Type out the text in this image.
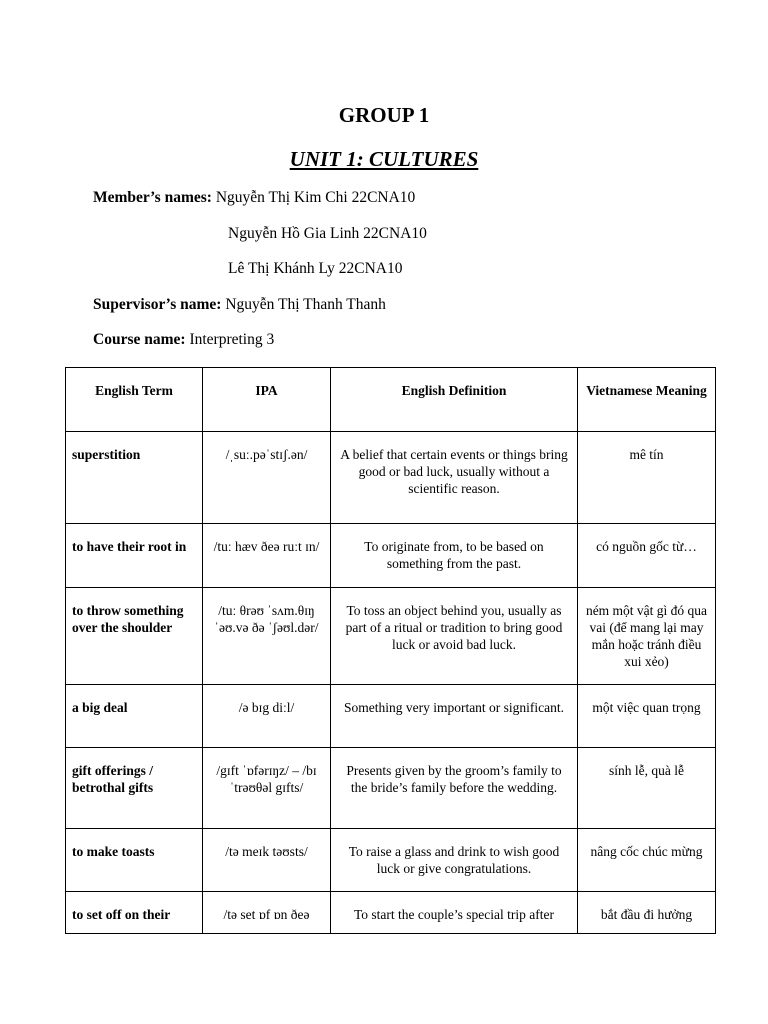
GROUP 1
UNIT 1: CULTURES
Member’s names: Nguyễn Thị Kim Chi 22CNA10
Nguyễn Hồ Gia Linh 22CNA10
Lê Thị Khánh Ly 22CNA10
Supervisor’s name: Nguyễn Thị Thanh Thanh
Course name: Interpreting 3
English Term	IPA	English Definition	Vietnamese Meaning
superstition	/ˌsuː.pəˈstɪʃ.ən/	A belief that certain events or things bring good or bad luck, usually without a scientific reason.	mê tín
to have their root in	/tuː hæv ðeə ruːt ɪn/	To originate from, to be based on something from the past.	có nguồn gốc từ…
to throw something over the shoulder	/tuː θrəʊ ˈsʌm.θɪŋ ˈəʊ.və ðə ˈʃəʊl.dər/	To toss an object behind you, usually as part of a ritual or tradition to bring good luck or avoid bad luck.	ném một vật gì đó qua vai (để mang lại may mắn hoặc tránh điều xui xẻo)
a big deal	/ə bɪg diːl/	Something very important or significant.	một việc quan trọng
gift offerings / betrothal gifts	/gɪft ˈɒfərɪŋz/ – /bɪˈtrəʊθəl gɪfts/	Presents given by the groom’s family to the bride’s family before the wedding.	sính lễ, quà lễ
to make toasts	/tə meɪk təʊsts/	To raise a glass and drink to wish good luck or give congratulations.	nâng cốc chúc mừng

to set off on their	/tə set ɒf ɒn ðeə	To start the couple’s special trip after	bắt đầu đi hưởng
